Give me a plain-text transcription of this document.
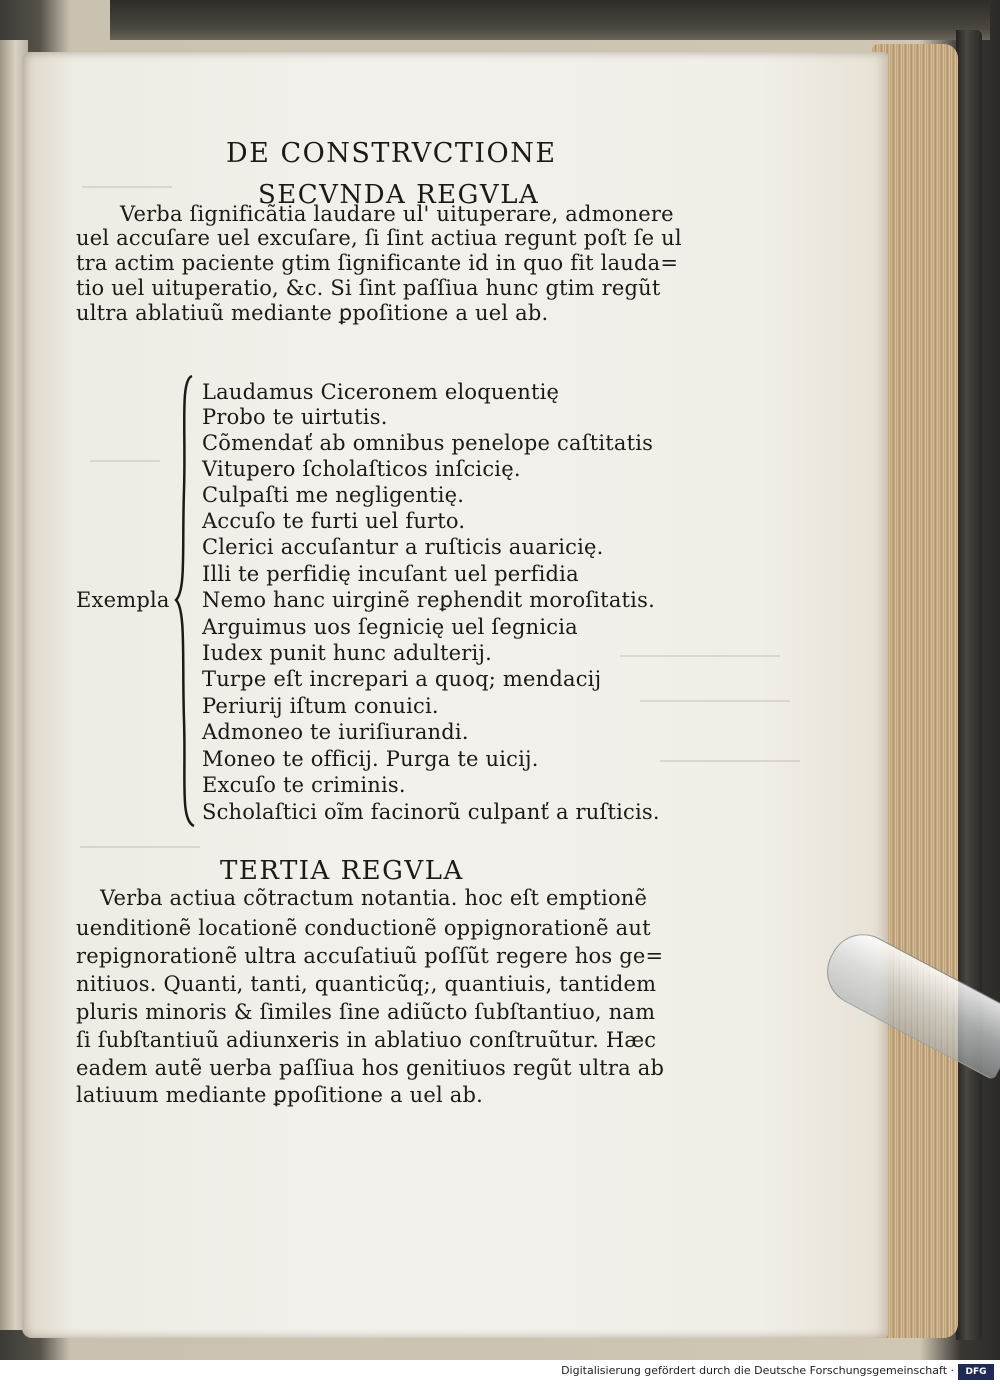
DE CONSTRVCTIONE
SECVNDA REGVLA
Verba ſignificãtia laudare ul' uituperare, admonere
uel accuſare uel excuſare, ſi ſint actiua regunt poſt ſe ul
tra actim paciente gtim ſignificante id in quo fit lauda=
tio uel uituperatio, &c. Si ſint paſſiua hunc gtim regũt
ultra ablatiuũ mediante ꝑpoſitione a uel ab.
Exempla
Laudamus Ciceronem eloquentię
Probo te uirtutis.
Cõmendať ab omnibus penelope caſtitatis
Vitupero ſcholaſticos inſcicię.
Culpaſti me negligentię.
Accuſo te furti uel furto.
Clerici accuſantur a ruſticis auaricię.
Illi te perfidię incuſant uel perfidia
Nemo hanc uirginẽ reꝑhendit moroſitatis.
Arguimus uos ſegnicię uel ſegnicia
Iudex punit hunc adulterij.
Turpe eſt increpari a quoq; mendacij
Periurij iſtum conuici.
Admoneo te iuriſiurandi.
Moneo te officij. Purga te uicij.
Excuſo te criminis.
Scholaſtici oĩm facinorũ culpanť a ruſticis.
TERTIA REGVLA
Verba actiua cõtractum notantia. hoc eſt emptionẽ
uenditionẽ locationẽ conductionẽ oppignorationẽ aut
repignorationẽ ultra accuſatiuũ poſſũt regere hos ge=
nitiuos. Quanti, tanti, quanticũq;, quantiuis, tantidem
pluris minoris & ſimiles ſine adiũcto ſubſtantiuo, nam
ſi ſubſtantiuũ adiunxeris in ablatiuo conſtruũtur. Hæc
eadem autẽ uerba paſſiua hos genitiuos regũt ultra ab
latiuum mediante ꝑpoſitione a uel ab.
Digitalisierung gefördert durch die Deutsche Forschungsgemeinschaft ·	DFG
